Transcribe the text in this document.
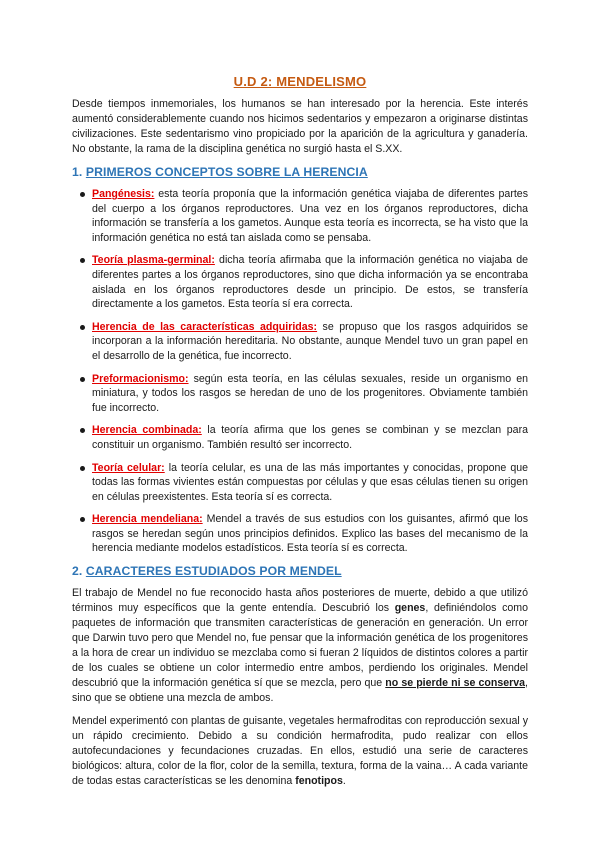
U.D 2: MENDELISMO

Desde tiempos inmemoriales, los humanos se han interesado por la herencia. Este interés aumentó considerablemente cuando nos hicimos sedentarios y empezaron a originarse distintas civilizaciones. Este sedentarismo vino propiciado por la aparición de la agricultura y ganadería. No obstante, la rama de la disciplina genética no surgió hasta el S.XX.

1. PRIMEROS CONCEPTOS SOBRE LA HERENCIA
Pangénesis: esta teoría proponía que la información genética viajaba de diferentes partes del cuerpo a los órganos reproductores. Una vez en los órganos reproductores, dicha información se transfería a los gametos. Aunque esta teoría es incorrecta, se ha visto que la información genética no está tan aislada como se pensaba.
Teoría plasma-germinal: dicha teoría afirmaba que la información genética no viajaba de diferentes partes a los órganos reproductores, sino que dicha información ya se encontraba aislada en los órganos reproductores desde un principio. De estos, se transfería directamente a los gametos. Esta teoría sí era correcta.
Herencia de las características adquiridas: se propuso que los rasgos adquiridos se incorporan a la información hereditaria. No obstante, aunque Mendel tuvo un gran papel en el desarrollo de la genética, fue incorrecto.
Preformacionismo: según esta teoría, en las células sexuales, reside un organismo en miniatura, y todos los rasgos se heredan de uno de los progenitores. Obviamente también fue incorrecto.
Herencia combinada: la teoría afirma que los genes se combinan y se mezclan para constituir un organismo. También resultó ser incorrecto.
Teoría celular: la teoría celular, es una de las más importantes y conocidas, propone que todas las formas vivientes están compuestas por células y que esas células tienen su origen en células preexistentes. Esta teoría sí es correcta.
Herencia mendeliana: Mendel a través de sus estudios con los guisantes, afirmó que los rasgos se heredan según unos principios definidos. Explico las bases del mecanismo de la herencia mediante modelos estadísticos. Esta teoría sí es correcta.
2. CARACTERES ESTUDIADOS POR MENDEL

El trabajo de Mendel no fue reconocido hasta años posteriores de muerte, debido a que utilizó términos muy específicos que la gente entendía. Descubrió los genes, definiéndolos como paquetes de información que transmiten características de generación en generación. Un error que Darwin tuvo pero que Mendel no, fue pensar que la información genética de los progenitores a la hora de crear un individuo se mezclaba como si fueran 2 líquidos de distintos colores a partir de los cuales se obtiene un color intermedio entre ambos, perdiendo los originales. Mendel descubrió que la información genética sí que se mezcla, pero que no se pierde ni se conserva, sino que se obtiene una mezcla de ambos.

Mendel experimentó con plantas de guisante, vegetales hermafroditas con reproducción sexual y un rápido crecimiento. Debido a su condición hermafrodita, pudo realizar con ellos autofecundaciones y fecundaciones cruzadas. En ellos, estudió una serie de caracteres biológicos: altura, color de la flor, color de la semilla, textura, forma de la vaina… A cada variante de todas estas características se les denomina fenotipos.
